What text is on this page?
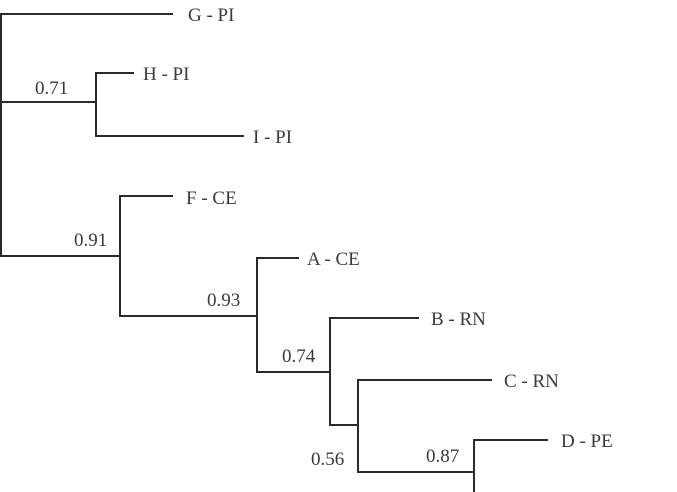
G - PI
H - PI
I - PI
F - CE
A - CE
B - RN
C - RN
D - PE
0.71
0.91
0.93
0.74
0.56	0.87
